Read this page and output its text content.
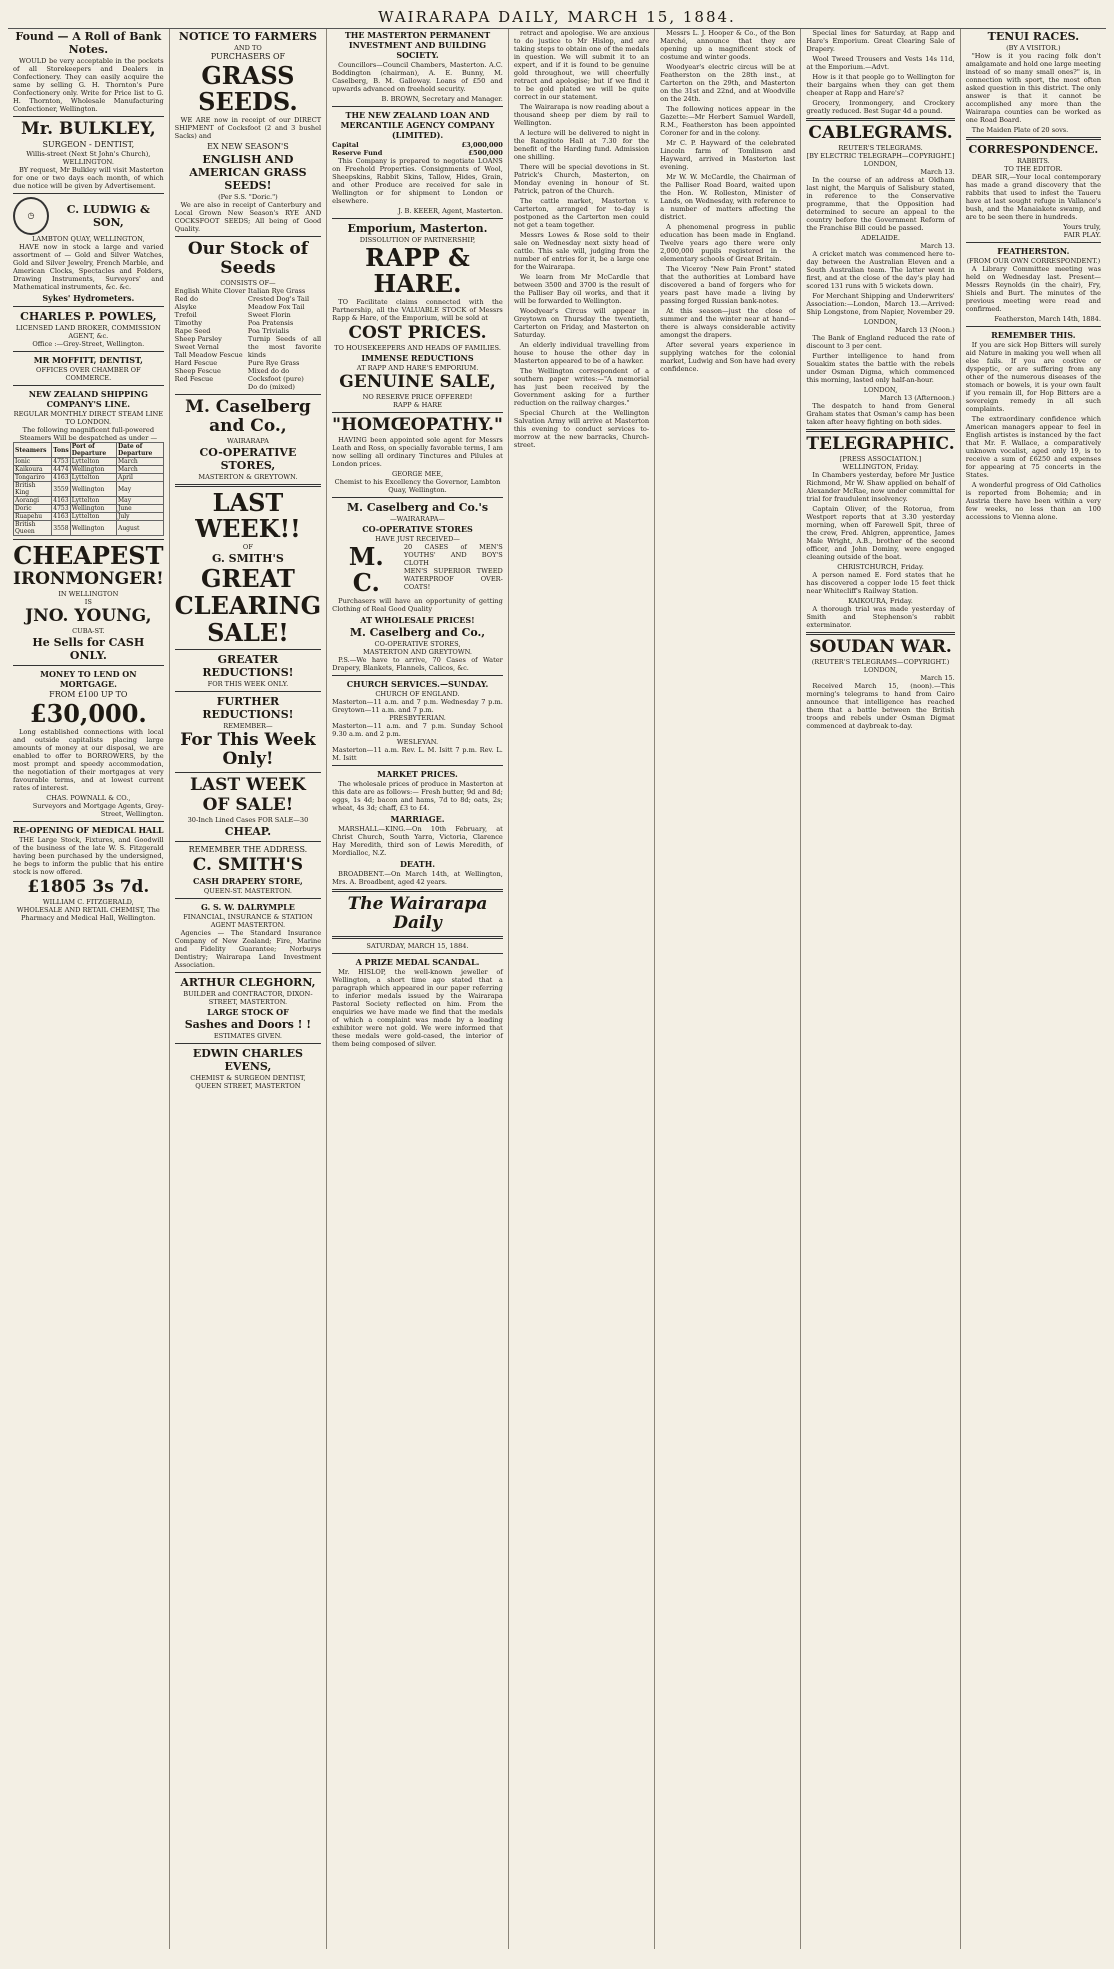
WAIRARAPA DAILY, MARCH 15, 1884.
Found — A Roll of Bank Notes.

WOULD be very acceptable in the pockets of all Storekeepers and Dealers in Confectionery. They can easily acquire the same by selling G. H. Thornton's Pure Confectionery only. Write for Price list to G. H. Thornton, Wholesale Manufacturing Confectioner, Wellington.

Mr. BULKLEY,
SURGEON - DENTIST,
Willis-street (Next St John's Church), WELLINGTON.

BY request, Mr Bulkley will visit Masterton for one or two days each month, of which due notice will be given by Advertisement.

◷	C. LUDWIG & SON,
LAMBTON QUAY, WELLINGTON,

HAVE now in stock a large and varied assortment of — Gold and Silver Watches, Gold and Silver Jewelry, French Marble, and American Clocks, Spectacles and Folders, Drawing Instruments, Surveyors' and Mathematical instruments, &c. &c.

Sykes' Hydrometers.
CHARLES P. POWLES,
LICENSED LAND BROKER, COMMISSION AGENT, &c.
Office :—Grey-Street, Wellington.
MR MOFFITT, DENTIST,
OFFICES OVER CHAMBER OF COMMERCE.
NEW ZEALAND SHIPPING COMPANY'S LINE.
REGULAR MONTHLY DIRECT STEAM LINE TO LONDON.
The following magnificent full-powered Steamers Will be despatched as under —
Steamers	Tons	Port of Departure	Date of Departure
Ionic	4753	Lyttelton	March
Kaikoura	4474	Wellington	March
Tongariro	4163	Lyttelton	April
British King	3559	Wellington	May
Aorangi	4163	Lyttelton	May
Doric	4753	Wellington	June
Ruapehu	4163	Lyttelton	July
British Queen	3558	Wellington	August
CHEAPEST
IRONMONGER!
IN WELLINGTON
IS
JNO. YOUNG,
CUBA-ST.
He Sells for CASH ONLY.
MONEY TO LEND ON MORTGAGE.
FROM £100 UP TO
£30,000.

Long established connections with local and outside capitalists placing large amounts of money at our disposal, we are enabled to offer to BORROWERS, by the most prompt and speedy accommodation, the negotiation of their mortgages at very favourable terms, and at lowest current rates of interest.

CHAS. POWNALL & CO.,
Surveyors and Mortgage Agents, Grey-Street, Wellington.
RE-OPENING OF MEDICAL HALL

THE Large Stock, Fixtures, and Goodwill of the business of the late W. S. Fitzgerald having been purchased by the undersigned, he begs to inform the public that his entire stock is now offered.

£1805 3s 7d.
WILLIAM C. FITZGERALD,
WHOLESALE AND RETAIL CHEMIST, The Pharmacy and Medical Hall, Wellington.
NOTICE TO FARMERS
AND TO
PURCHASERS OF
GRASS SEEDS.

WE ARE now in receipt of our DIRECT SHIPMENT of Cocksfoot (2 and 3 bushel Sacks) and

EX NEW SEASON'S
ENGLISH AND AMERICAN GRASS SEEDS!
(Per S.S. "Doric.")

We are also in receipt of Canterbury and Local Grown New Season's RYE AND COCKSFOOT SEEDS; All being of Good Quality.

Our Stock of Seeds
CONSISTS OF—
English White Clover
Red do
Alsyke
Trefoil
Timothy
Rape Seed
Sheep Parsley
Sweet Vernal
Tall Meadow Fescue
Hard Fescue
Sheep Fescue
Red Fescue
Italian Rye Grass
Crested Dog's Tail
Meadow Fox Tail
Sweet Florin
Poa Pratensis
Poa Trivialis
Turnip Seeds of all the most favorite kinds
Pure Rye Grass
Mixed do do
Cocksfoot (pure)
Do do (mixed)
M. Caselberg and Co.,
WAIRARAPA
CO-OPERATIVE STORES,
MASTERTON & GREYTOWN.
LAST WEEK!!
OF
G. SMITH'S
GREAT
CLEARING
SALE!
GREATER REDUCTIONS!
FOR THIS WEEK ONLY.
FURTHER REDUCTIONS!
REMEMBER—
For This Week Only!
LAST WEEK
OF SALE!
30-Inch Lined Cases FOR SALE—30
CHEAP.
REMEMBER THE ADDRESS.
C. SMITH'S
CASH DRAPERY STORE,
QUEEN-ST. MASTERTON.
G. S. W. DALRYMPLE
FINANCIAL, INSURANCE & STATION AGENT MASTERTON.

Agencies — The Standard Insurance Company of New Zealand; Fire, Marine and Fidelity Guarantee; Norburys Dentistry; Wairarapa Land Investment Association.

ARTHUR CLEGHORN,
BUILDER and CONTRACTOR, DIXON-STREET, MASTERTON.
LARGE STOCK OF
Sashes and Doors ! !
ESTIMATES GIVEN.
EDWIN CHARLES EVENS,
CHEMIST & SURGEON DENTIST,
QUEEN STREET, MASTERTON
THE MASTERTON PERMANENT INVESTMENT AND BUILDING SOCIETY.

Councillors—Council Chambers, Masterton. A.C. Boddington (chairman), A. E. Bunny, M. Caselberg, B. M. Galloway. Loans of £50 and upwards advanced on freehold security.

B. BROWN, Secretary and Manager.
THE NEW ZEALAND LOAN AND MERCANTILE AGENCY COMPANY (LIMITED).
Capital	£3,000,000
Reserve Fund	£500,000

This Company is prepared to negotiate LOANS on Freehold Properties. Consignments of Wool, Sheepskins, Rabbit Skins, Tallow, Hides, Grain, and other Produce are received for sale in Wellington or for shipment to London or elsewhere.

J. B. KEEER, Agent, Masterton.
Emporium, Masterton.
DISSOLUTION OF PARTNERSHIP,
RAPP & HARE.

TO Facilitate claims connected with the Partnership, all the VALUABLE STOCK of Messrs Rapp & Hare, of the Emporium, will be sold at

COST PRICES.
TO HOUSEKEEPERS AND HEADS OF FAMILIES.
IMMENSE REDUCTIONS
AT RAPP AND HARE'S EMPORIUM.
GENUINE SALE,
NO RESERVE PRICE OFFERED!
RAPP & HARE
"HOMŒOPATHY."

HAVING been appointed sole agent for Messrs Leath and Ross, on specially favorable terms, I am now selling all ordinary Tinctures and Pilules at London prices.

GEORGE MEE,
Chemist to his Excellency the Governor, Lambton Quay, Wellington.
M. Caselberg and Co.'s
—WAIRARAPA—
CO-OPERATIVE STORES
HAVE JUST RECEIVED—
M. C.
20 CASES of MEN'S YOUTHS' AND BOY'S CLOTH
MEN'S SUPERIOR TWEED WATERPROOF OVER-COATS!

Purchasers will have an opportunity of getting Clothing of Real Good Quality

AT WHOLESALE PRICES!
M. Caselberg and Co.,
CO-OPERATIVE STORES,
MASTERTON AND GREYTOWN.

P.S.—We have to arrive, 70 Cases of Water Drapery, Blankets, Flannels, Calicos, &c.

CHURCH SERVICES.—SUNDAY.
CHURCH OF ENGLAND.
Masterton—11 a.m. and 7 p.m. Wednesday 7 p.m. Greytown—11 a.m. and 7 p.m.
PRESBYTERIAN.
Masterton—11 a.m. and 7 p.m. Sunday School 9.30 a.m. and 2 p.m.
WESLEYAN.
Masterton—11 a.m. Rev. L. M. Isitt 7 p.m. Rev. L. M. Isitt
MARKET PRICES.

The wholesale prices of produce in Masterton at this date are as follows:— Fresh butter, 9d and 8d; eggs, 1s 4d; bacon and hams, 7d to 8d; oats, 2s; wheat, 4s 3d; chaff, £3 to £4.

MARRIAGE.

MARSHALL—KING.—On 10th February, at Christ Church, South Yarra, Victoria, Clarence Hay Meredith, third son of Lewis Meredith, of Mordialloc, N.Z.

DEATH.

BROADBENT.—On March 14th, at Wellington, Mrs. A. Broadbent, aged 42 years.

The Wairarapa Daily
SATURDAY, MARCH 15, 1884.
A PRIZE MEDAL SCANDAL.

Mr. HISLOP, the well-known jeweller of Wellington, a short time ago stated that a paragraph which appeared in our paper referring to inferior medals issued by the Wairarapa Pastoral Society reflected on him. From the enquiries we have made we find that the medals of which a complaint was made by a leading exhibitor were not gold. We were informed that these medals were gold-cased, the interior of them being composed of silver.

retract and apologise. We are anxious to do justice to Mr Hislop, and are taking steps to obtain one of the medals in question. We will submit it to an expert, and if it is found to be genuine gold throughout, we will cheerfully retract and apologise; but if we find it to be gold plated we will be quite correct in our statement.

The Wairarapa is now reading about a thousand sheep per diem by rail to Wellington.

A lecture will be delivered to night in the Rangitoto Hall at 7.30 for the benefit of the Harding fund. Admission one shilling.

There will be special devotions in St. Patrick's Church, Masterton, on Monday evening in honour of St. Patrick, patron of the Church.

The cattle market, Masterton v. Carterton, arranged for to-day is postponed as the Carterton men could not get a team together.

Messrs Lowes & Rose sold to their sale on Wednesday next sixty head of cattle. This sale will, judging from the number of entries for it, be a large one for the Wairarapa.

We learn from Mr McCardle that between 3500 and 3700 is the result of the Palliser Bay oil works, and that it will be forwarded to Wellington.

Woodyear's Circus will appear in Greytown on Thursday the twentieth, Carterton on Friday, and Masterton on Saturday.

An elderly individual travelling from house to house the other day in Masterton appeared to be of a hawker.

The Wellington correspondent of a southern paper writes:—"A memorial has just been received by the Government asking for a further reduction on the railway charges."

Special Church at the Wellington Salvation Army will arrive at Masterton this evening to conduct services to-morrow at the new barracks, Church-street.

Messrs L. J. Hooper & Co., of the Bon Marché, announce that they are opening up a magnificent stock of costume and winter goods.

Woodyear's electric circus will be at Featherston on the 28th inst., at Carterton on the 29th, and Masterton on the 31st and 22nd, and at Woodville on the 24th.

The following notices appear in the Gazette:—Mr Herbert Samuel Wardell, R.M., Featherston has been appointed Coroner for and in the colony.

Mr C. P. Hayward of the celebrated Lincoln farm of Tomlinson and Hayward, arrived in Masterton last evening.

Mr W. W. McCardle, the Chairman of the Palliser Road Board, waited upon the Hon. W. Rolleston, Minister of Lands, on Wednesday, with reference to a number of matters affecting the district.

A phenomenal progress in public education has been made in England. Twelve years ago there were only 2,000,000 pupils registered in the elementary schools of Great Britain.

The Viceroy "New Pain Front" stated that the authorities at Lombard have discovered a band of forgers who for years past have made a living by passing forged Russian bank-notes.

At this season—just the close of summer and the winter near at hand—there is always considerable activity amongst the drapers.

After several years experience in supplying watches for the colonial market, Ludwig and Son have had every confidence.

Special lines for Saturday, at Rapp and Hare's Emporium. Great Clearing Sale of Drapery.

Wool Tweed Trousers and Vests 14s 11d, at the Emporium.—Advt.

How is it that people go to Wellington for their bargains when they can get them cheaper at Rapp and Hare's?

Grocery, Ironmongery, and Crockery greatly reduced. Best Sugar 4d a pound.

CABLEGRAMS.
REUTER'S TELEGRAMS.
[BY ELECTRIC TELEGRAPH—COPYRIGHT.]
LONDON,
March 13.

In the course of an address at Oldham last night, the Marquis of Salisbury stated, in reference to the Conservative programme, that the Opposition had determined to secure an appeal to the country before the Government Reform of the Franchise Bill could be passed.

ADELAIDE.
March 13.

A cricket match was commenced here to-day between the Australian Eleven and a South Australian team. The latter went in first, and at the close of the day's play had scored 131 runs with 5 wickets down.

For Merchant Shipping and Underwriters' Association:—London, March 13.—Arrived: Ship Longstone, from Napier, November 29.

LONDON,
March 13 (Noon.)

The Bank of England reduced the rate of discount to 3 per cent.

Further intelligence to hand from Souakim states the battle with the rebels under Osman Digma, which commenced this morning, lasted only half-an-hour.

LONDON,
March 13 (Afternoon.)

The despatch to hand from General Graham states that Osman's camp has been taken after heavy fighting on both sides.

TELEGRAPHIC.
[PRESS ASSOCIATION.]
WELLINGTON, Friday.

In Chambers yesterday, before Mr Justice Richmond, Mr W. Shaw applied on behalf of Alexander McRae, now under committal for trial for fraudulent insolvency.

Captain Oliver, of the Rotorua, from Westport reports that at 3.30 yesterday morning, when off Farewell Spit, three of the crew, Fred. Ahlgren, apprentice, James Male Wright, A.B., brother of the second officer, and John Dominy, were engaged cleaning outside of the boat.

CHRISTCHURCH, Friday.

A person named E. Ford states that he has discovered a copper lode 15 feet thick near Whitecliff's Railway Station.

KAIKOURA, Friday.

A thorough trial was made yesterday of Smith and Stephenson's rabbit exterminator.

SOUDAN WAR.
(REUTER'S TELEGRAMS—COPYRIGHT.)
LONDON,
March 15.

Received March 15, (noon).—This morning's telegrams to hand from Cairo announce that intelligence has reached them that a battle between the British troops and rebels under Osman Digmat commenced at daybreak to-day.

TENUI RACES.
(BY A VISITOR.)

"How is it you racing folk don't amalgamate and hold one large meeting instead of so many small ones?" is, in connection with sport, the most often asked question in this district. The only answer is that it cannot be accomplished any more than the Wairarapa counties can be worked as one Road Board.

The Maiden Plate of 20 sovs.

CORRESPONDENCE.
RABBITS.
TO THE EDITOR.

DEAR SIR,—Your local contemporary has made a grand discovery that the rabbits that used to infest the Taueru have at last sought refuge in Vallance's bush, and the Manaiakete swamp, and are to be seen there in hundreds.

Yours truly,
FAIR PLAY.
FEATHERSTON.
(FROM OUR OWN CORRESPONDENT.)

A Library Committee meeting was held on Wednesday last. Present—Messrs Reynolds (in the chair), Fry, Shiels and Burt. The minutes of the previous meeting were read and confirmed.

Featherston, March 14th, 1884.
REMEMBER THIS.

If you are sick Hop Bitters will surely aid Nature in making you well when all else fails. If you are costive or dyspeptic, or are suffering from any other of the numerous diseases of the stomach or bowels, it is your own fault if you remain ill, for Hop Bitters are a sovereign remedy in all such complaints.

The extraordinary confidence which American managers appear to feel in English artistes is instanced by the fact that Mr. F. Wallace, a comparatively unknown vocalist, aged only 19, is to receive a sum of £6250 and expenses for appearing at 75 concerts in the States.

A wonderful progress of Old Catholics is reported from Bohemia; and in Austria there have been within a very few weeks, no less than an 100 accessions to Vienna alone.
